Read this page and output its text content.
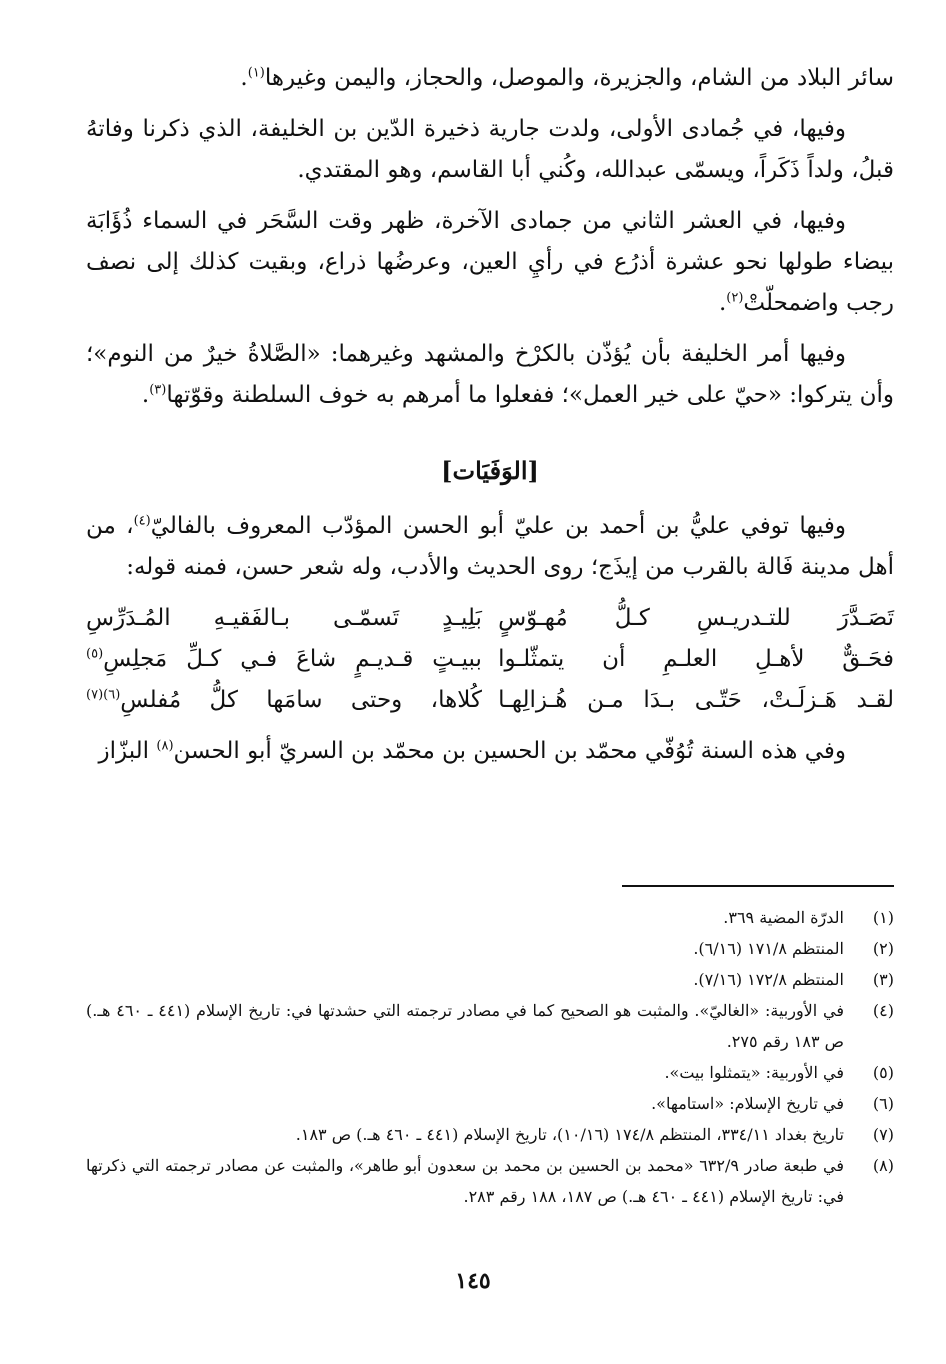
سائر البلاد من الشام، والجزيرة، والموصل، والحجاز، واليمن وغيرها$^{(١)}$.

وفيها، في جُمادى الأولى، ولدت جارية ذخيرة الدّين بن الخليفة، الذي ذكرنا وفاتهُ قبلُ، ولداً ذَكَراً، ويسمّى عبدالله، وكُني أبا القاسم، وهو المقتدي.

وفيها، في العشر الثاني من جمادى الآخرة، ظهر وقت السَّحَر في السماء ذُؤَابَة بيضاء طولها نحو عشرة أذرُع في رأيِ العين، وعرضُها ذراع، وبقيت كذلك إلى نصف رجب واضمحلّتْ$^{(٢)}$.

وفيها أمر الخليفة بأن يُؤذّن بالكرْخ والمشهد وغيرهما: «الصَّلاةُ خيرٌ من النوم»؛ وأن يتركوا: «حيّ على خير العمل»؛ ففعلوا ما أمرهم به خوف السلطنة وقوّتها$^{(٣)}$.

[الوَفَيَات]

وفيها توفي عليُّ بن أحمد بن عليّ أبو الحسن المؤدّب المعروف بالفاليّ$^{(٤)}$، من أهل مدينة فَالة بالقرب من إيذَج؛ روى الحديث والأدب، وله شعر حسن، فمنه قوله:

تَصَـدَّرَ للتـدريـسِ كـلُّ مُهـوّسٍ
بَلِيـدٍ تَسمّـى بـالفَقيـهِ المُـدَرِّسِ
فحَـقٌّ لأهـلِ العلـمِ أن يتمثّلـوا
ببيـتٍ قـديـمٍ شاعَ فـي كـلِّ مَجلِسِ$^{(٥)}$
لقـد هَـزلَـتْ، حَتّـى بـدَا مـن هُـزالِهـا
كُلاها، وحتى سامَها كلُّ مُفلسِ$^{(٦)(٧)}$

وفي هذه السنة تُوُفّي محمّد بن الحسين بن محمّد بن السريّ أبو الحسن$^{(٨)}$ البزّاز

(١)
الدرّة المضية ٣٦٩.
(٢)
المنتظم ١٧١/٨ (٦/١٦).
(٣)
المنتظم ١٧٢/٨ (٧/١٦).
(٤)
في الأوربية: «الغاليّ». والمثبت هو الصحيح كما في مصادر ترجمته التي حشدتها في: تاريخ الإسلام (٤٤١ ـ ٤٦٠ هـ.) ص ١٨٣ رقم ٢٧٥.
(٥)
في الأوربية: «يتمثلوا بيت».
(٦)
في تاريخ الإسلام: «استامها».
(٧)
تاريخ بغداد ٣٣٤/١١، المنتظم ١٧٤/٨ (١٠/١٦)، تاريخ الإسلام (٤٤١ ـ ٤٦٠ هـ.) ص ١٨٣.
(٨)
في طبعة صادر ٦٣٢/٩ «محمد بن الحسين بن محمد بن سعدون أبو طاهر»، والمثبت عن مصادر ترجمته التي ذكرتها في: تاريخ الإسلام (٤٤١ ـ ٤٦٠ هـ.) ص ١٨٧، ١٨٨ رقم ٢٨٣.
١٤٥
